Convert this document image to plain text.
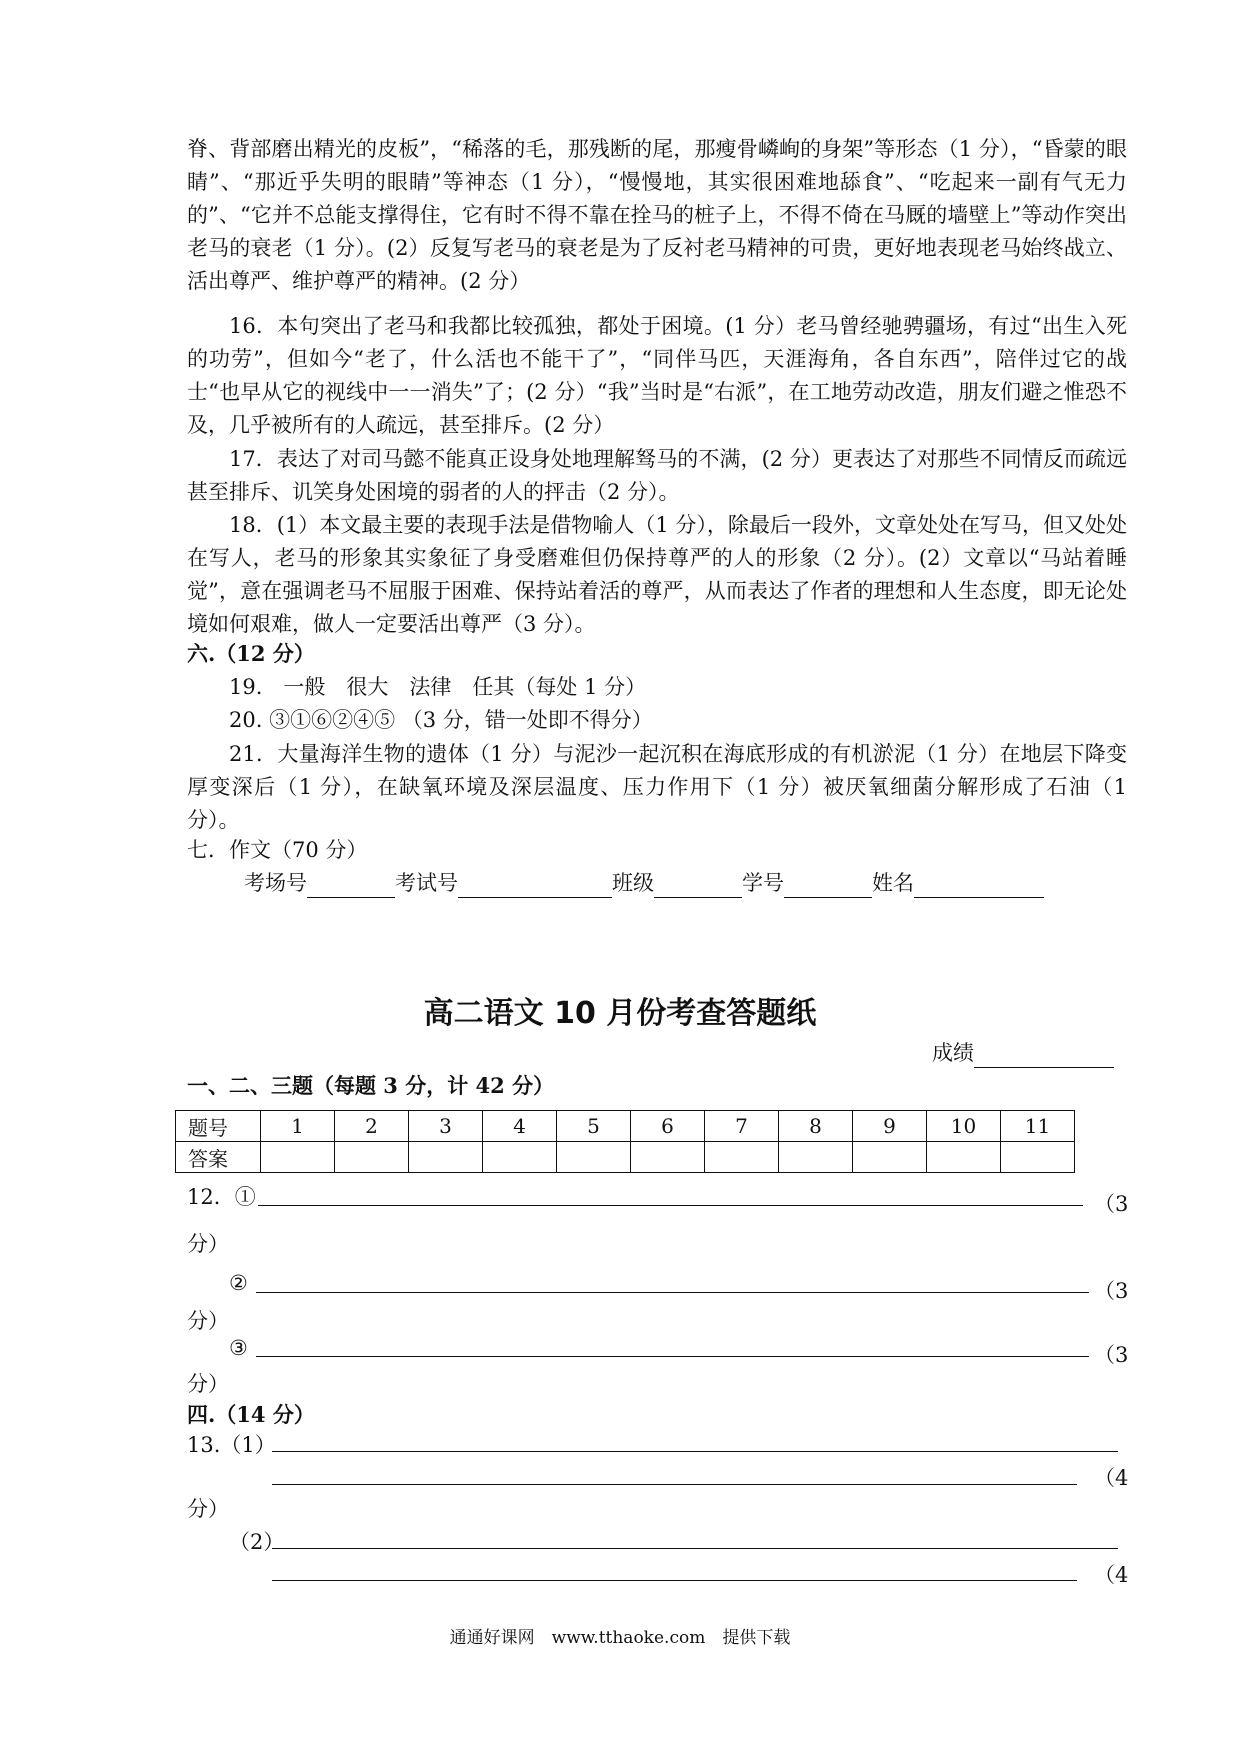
脊、背部磨出精光的皮板”，“稀落的毛，那残断的尾，那瘦骨嶙峋的身架”等形态（1 分），“昏蒙的眼睛”、“那近乎失明的眼睛”等神态（1 分），“慢慢地，其实很困难地舔食”、“吃起来一副有气无力的”、“它并不总能支撑得住，它有时不得不靠在拴马的桩子上，不得不倚在马厩的墙壁上”等动作突出老马的衰老（1 分）。(2）反复写老马的衰老是为了反衬老马精神的可贵，更好地表现老马始终战立、活出尊严、维护尊严的精神。(2 分）

16．本句突出了老马和我都比较孤独，都处于困境。(1 分）老马曾经驰骋疆场，有过“出生入死的功劳”，但如今“老了，什么活也不能干了”，“同伴马匹，天涯海角，各自东西”，陪伴过它的战士“也早从它的视线中一一消失”了；(2 分）“我”当时是“右派”，在工地劳动改造，朋友们避之惟恐不及，几乎被所有的人疏远，甚至排斥。(2 分）

17．表达了对司马懿不能真正设身处地理解驽马的不满，(2 分）更表达了对那些不同情反而疏远甚至排斥、讥笑身处困境的弱者的人的抨击（2 分）。

18．(1）本文最主要的表现手法是借物喻人（1 分），除最后一段外，文章处处在写马，但又处处在写人，老马的形象其实象征了身受磨难但仍保持尊严的人的形象（2 分）。(2）文章以“马站着睡觉”，意在强调老马不屈服于困难、保持站着活的尊严，从而表达了作者的理想和人生态度，即无论处境如何艰难，做人一定要活出尊严（3 分）。

六.（12 分）

19.　一般　很大　法律　任其（每处 1 分）

20. ③①⑥②④⑤ （3 分，错一处即不得分）

21．大量海洋生物的遗体（1 分）与泥沙一起沉积在海底形成的有机淤泥（1 分）在地层下降变厚变深后（1 分），在缺氧环境及深层温度、压力作用下（1 分）被厌氧细菌分解形成了石油（1 分）。

七．作文（70 分）

考场号	考试号	班级	学号	姓名
高二语文 10 月份考查答题纸
成绩

一、二、三题（每题 3 分，计 42 分）

题号	1	2	3	4	5	6	7	8	9	10	11
答案											

12．①	（3

分）

②	（3

分）

③	（3

分）

四.（14 分）

13.（1）

（4

分）

（2）

（4

通通好课网　www.tthaoke.com　提供下载
